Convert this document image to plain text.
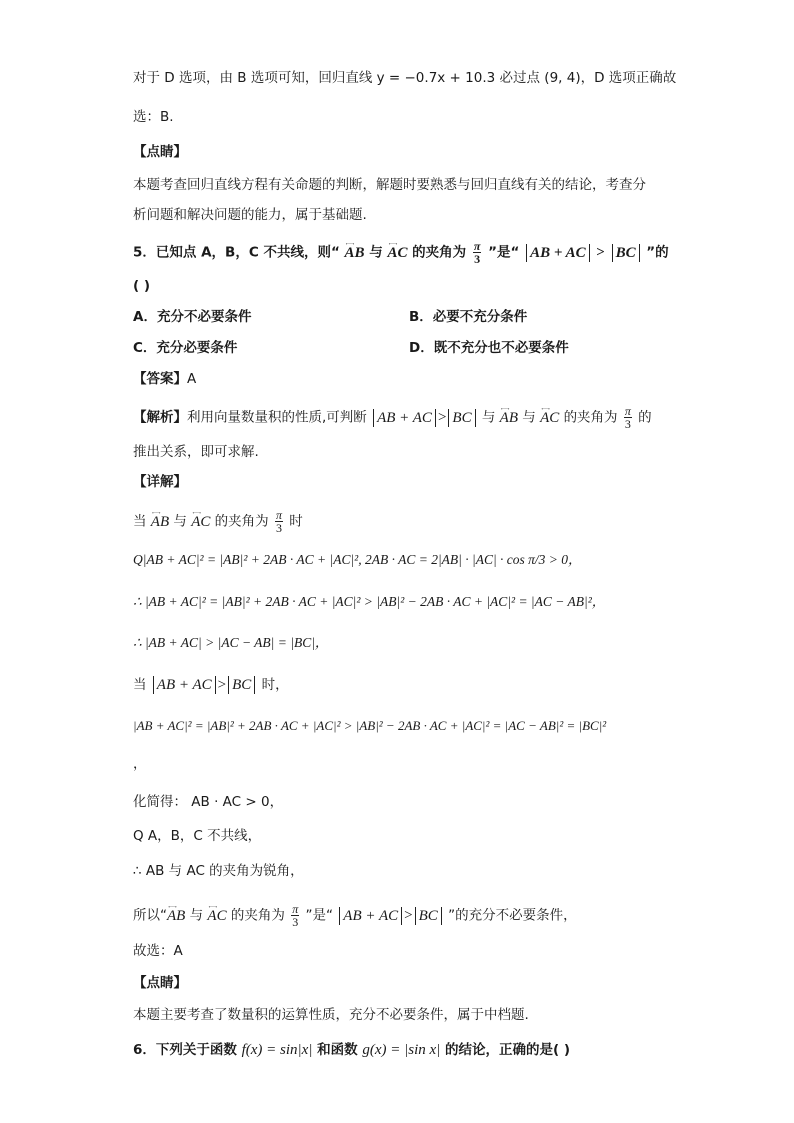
对于 D 选项，由 B 选项可知，回归直线 y = −0.7x + 10.3 必过点 (9, 4)，D 选项正确故
选：B.
【点睛】
本题考查回归直线方程有关命题的判断，解题时要熟悉与回归直线有关的结论，考查分
析问题和解决问题的能力，属于基础题.
5．已知点 A，B，C 不共线，则“ ←→ AB 与 ←→ AC 的夹角为 $\frac{\pi}{3}$ ”是“ AB + AC > BC ”的
( )
A．充分不必要条件	B．必要不充分条件
C．充分必要条件	D．既不充分也不必要条件
【答案】A
【解析】利用向量数量积的性质,可判断 AB + AC > BC 与 ←→ AB 与 ←→ AC 的夹角为 $\frac{\pi}{3}$ 的
推出关系，即可求解.
【详解】
当 ←→ AB 与 ←→ AC 的夹角为 $\frac{\pi}{3}$ 时
Q|AB + AC|² = |AB|² + 2AB · AC + |AC|², 2AB · AC = 2|AB| · |AC| · cos π/3 > 0，
∴ |AB + AC|² = |AB|² + 2AB · AC + |AC|² > |AB|² − 2AB · AC + |AC|² = |AC − AB|²，
∴ |AB + AC| > |AC − AB| = |BC|，
当 AB + AC > BC 时，
|AB + AC|² = |AB|² + 2AB · AC + |AC|² > |AB|² − 2AB · AC + |AC|² = |AC − AB|² = |BC|²
，
化简得： AB · AC > 0，
Q A，B，C 不共线，
∴ AB 与 AC 的夹角为锐角，
所以“←→ AB 与 ←→ AC 的夹角为 $\frac{\pi}{3}$ ”是“ AB + AC > BC ”的充分不必要条件，
故选：A
【点睛】
本题主要考查了数量积的运算性质，充分不必要条件，属于中档题.
6．下列关于函数 f(x) = sin|x| 和函数 g(x) = |sin x| 的结论，正确的是( )
